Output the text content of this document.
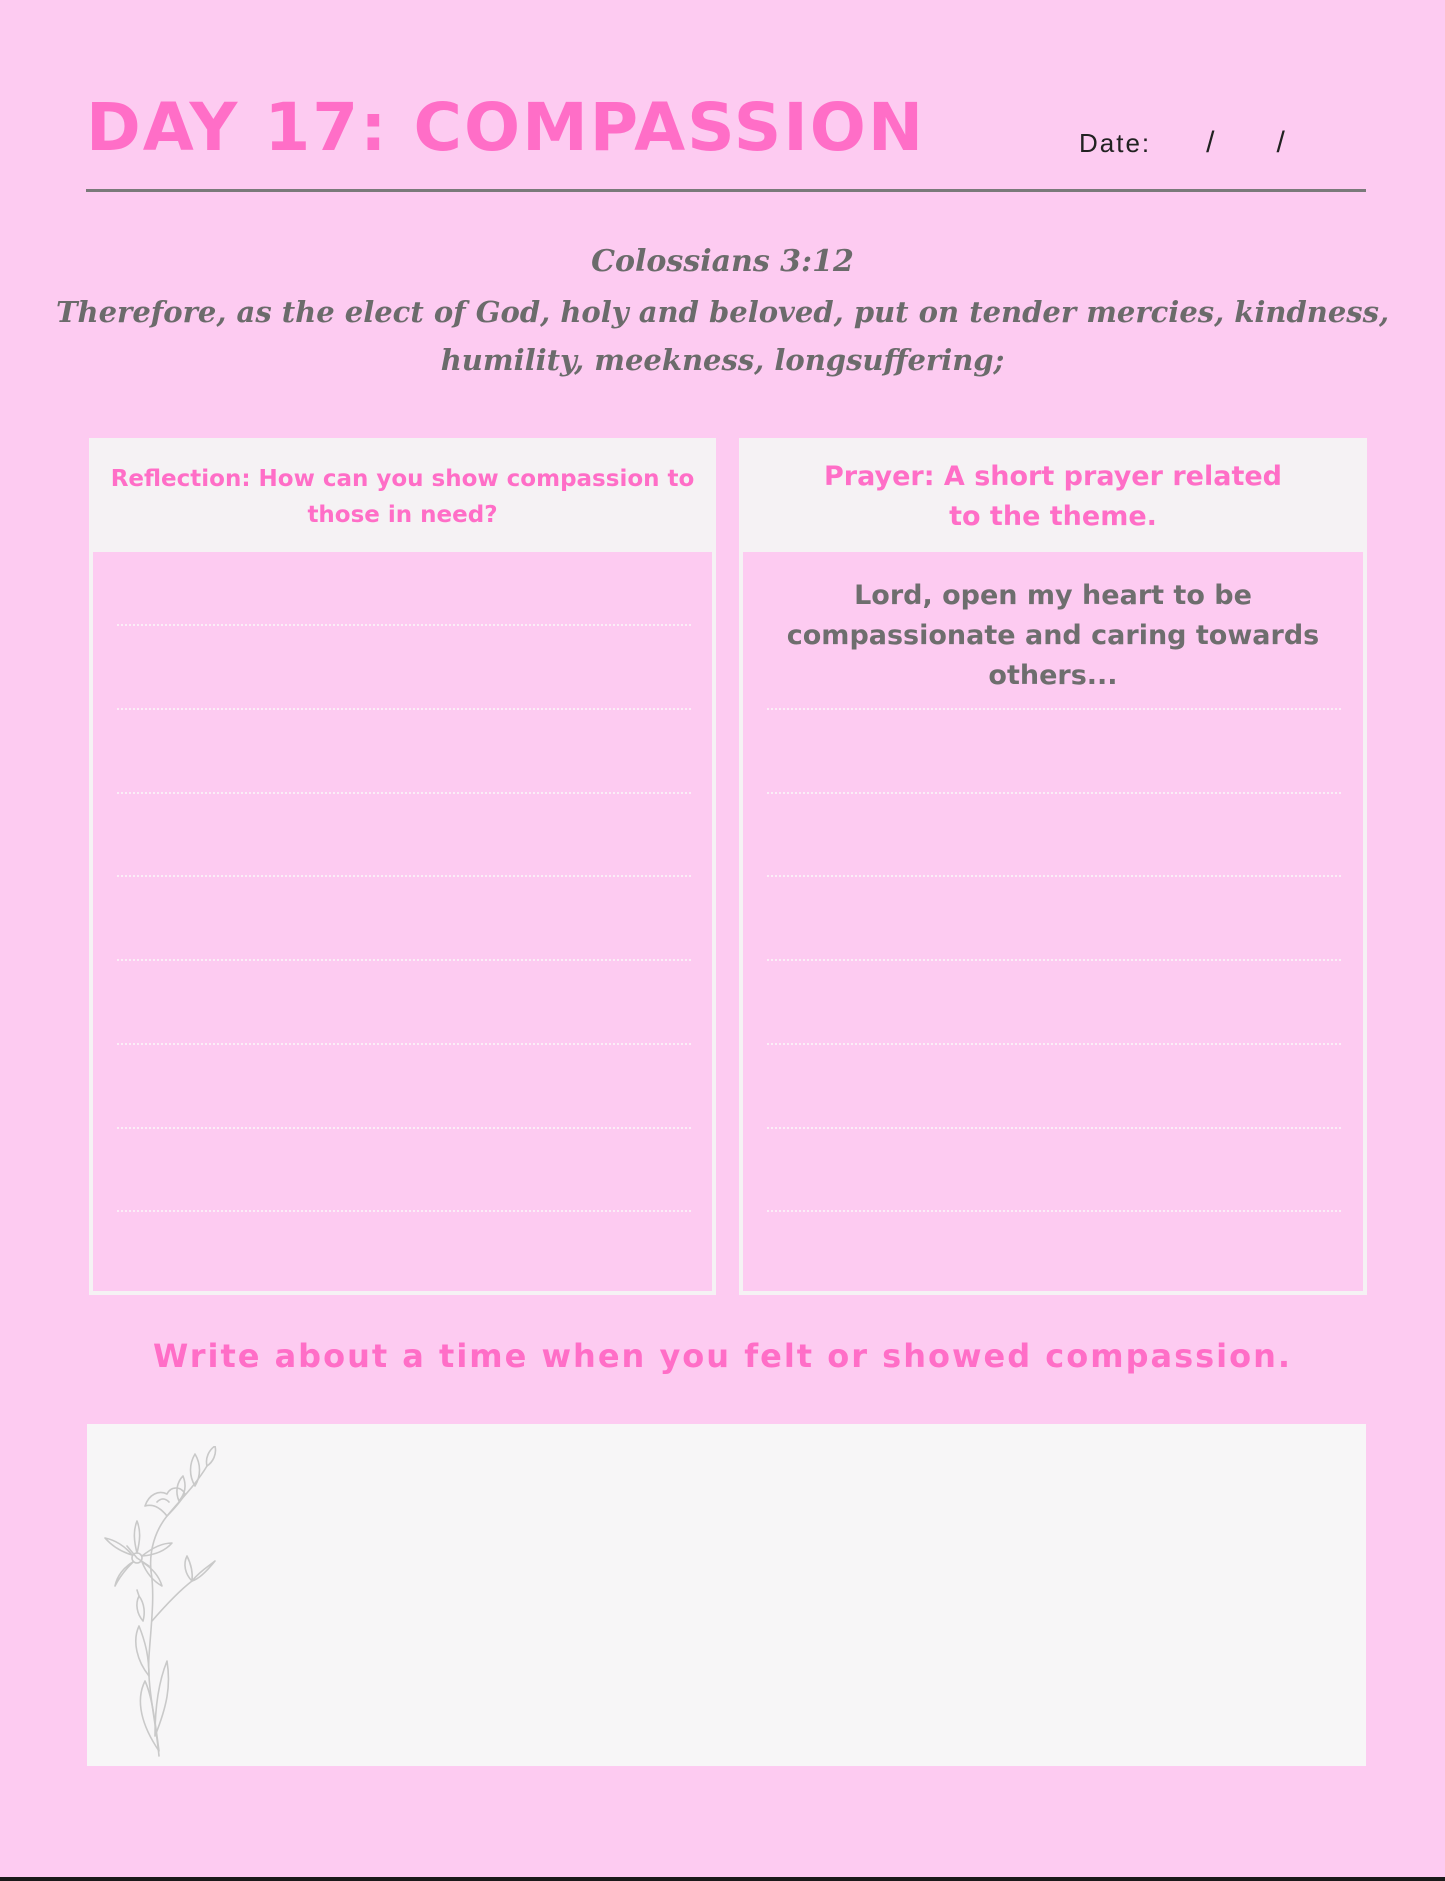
DAY 17: COMPASSION	Date: / /
Colossians 3:12
Therefore, as the elect of God, holy and beloved, put on tender mercies, kindness, humility, meekness, longsuffering;
Reflection: How can you show compassion to those in need?
Prayer: A short prayer related to the theme.
Lord, open my heart to be compassionate and caring towards others...
Write about a time when you felt or showed compassion.
